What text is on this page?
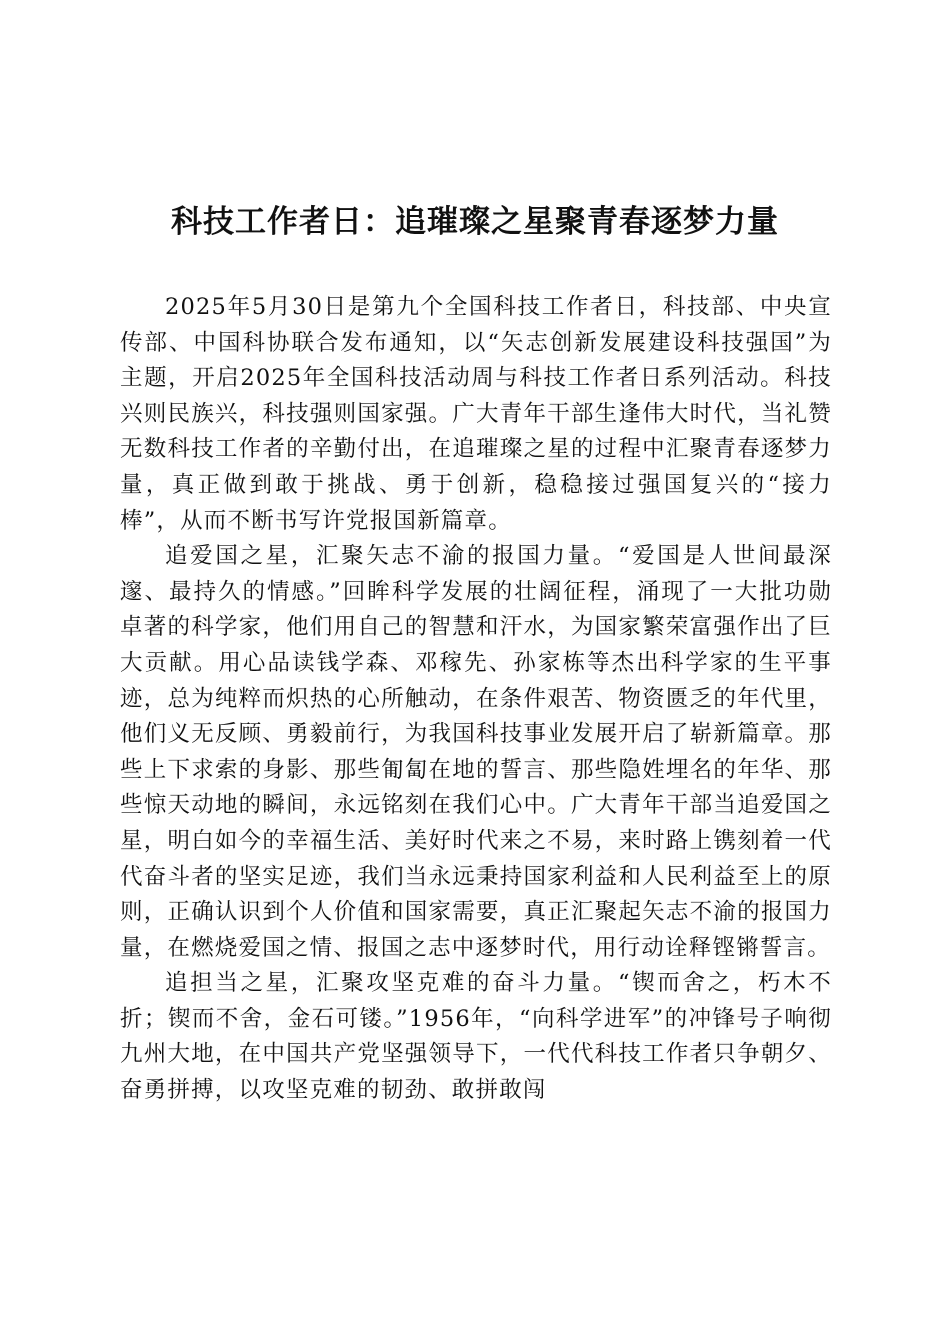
科技工作者日：追璀璨之星聚青春逐梦力量

2025年5月30日是第九个全国科技工作者日，科技部、中央宣传部、中国科协联合发布通知，以“矢志创新发展建设科技强国”为主题，开启2025年全国科技活动周与科技工作者日系列活动。科技兴则民族兴，科技强则国家强。广大青年干部生逢伟大时代，当礼赞无数科技工作者的辛勤付出，在追璀璨之星的过程中汇聚青春逐梦力量，真正做到敢于挑战、勇于创新，稳稳接过强国复兴的“接力棒”，从而不断书写许党报国新篇章。

追爱国之星，汇聚矢志不渝的报国力量。“爱国是人世间最深邃、最持久的情感。”回眸科学发展的壮阔征程，涌现了一大批功勋卓著的科学家，他们用自己的智慧和汗水，为国家繁荣富强作出了巨大贡献。用心品读钱学森、邓稼先、孙家栋等杰出科学家的生平事迹，总为纯粹而炽热的心所触动，在条件艰苦、物资匮乏的年代里，他们义无反顾、勇毅前行，为我国科技事业发展开启了崭新篇章。那些上下求索的身影、那些匍匐在地的誓言、那些隐姓埋名的年华、那些惊天动地的瞬间，永远铭刻在我们心中。广大青年干部当追爱国之星，明白如今的幸福生活、美好时代来之不易，来时路上镌刻着一代代奋斗者的坚实足迹，我们当永远秉持国家利益和人民利益至上的原则，正确认识到个人价值和国家需要，真正汇聚起矢志不渝的报国力量，在燃烧爱国之情、报国之志中逐梦时代，用行动诠释铿锵誓言。

追担当之星，汇聚攻坚克难的奋斗力量。“锲而舍之，朽木不折；锲而不舍，金石可镂。”1956年，“向科学进军”的冲锋号子响彻九州大地，在中国共产党坚强领导下，一代代科技工作者只争朝夕、奋勇拼搏，以攻坚克难的韧劲、敢拼敢闯
